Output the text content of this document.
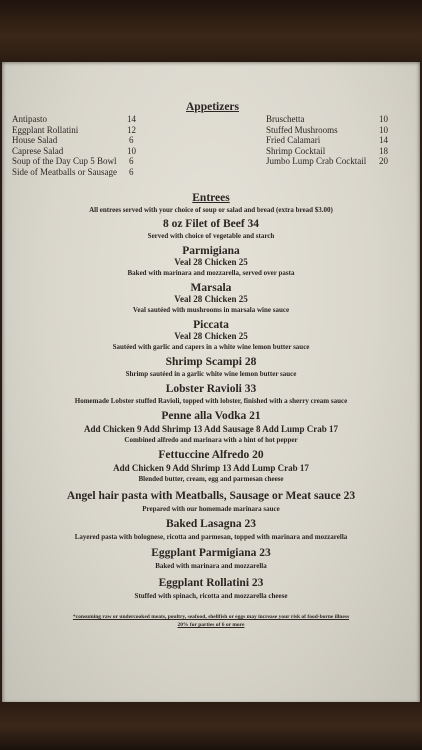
Appetizers
Antipasto	14
Eggplant Rollatini	12
House Salad	6
Caprese Salad	10
Soup of the Day Cup 5 Bowl 6
Side of Meatballs or Sausage 6
Bruschetta	10
Stuffed Mushrooms	10
Fried Calamari	14
Shrimp Cocktail	18
Jumbo Lump Crab Cocktail 20
Entrees
All entrees served with your choice of soup or salad and bread (extra bread $3.00)
8 oz Filet of Beef 34
Served with choice of vegetable and starch
Parmigiana
Veal 28 Chicken 25
Baked with marinara and mozzarella, served over pasta
Marsala
Veal 28 Chicken 25
Veal sautéed with mushrooms in marsala wine sauce
Piccata
Veal 28 Chicken 25
Sautéed with garlic and capers in a white wine lemon butter sauce
Shrimp Scampi 28
Shrimp sautéed in a garlic white wine lemon butter sauce
Lobster Ravioli 33
Homemade Lobster stuffed Ravioli, topped with lobster, finished with a sherry cream sauce
Penne alla Vodka 21
Add Chicken 9 Add Shrimp 13 Add Sausage 8 Add Lump Crab 17
Combined alfredo and marinara with a hint of hot pepper
Fettuccine Alfredo 20
Add Chicken 9 Add Shrimp 13 Add Lump Crab 17
Blended butter, cream, egg and parmesan cheese
Angel hair pasta with Meatballs, Sausage or Meat sauce 23
Prepared with our homemade marinara sauce
Baked Lasagna 23
Layered pasta with bolognese, ricotta and parmesan, topped with marinara and mozzarella
Eggplant Parmigiana 23
Baked with marinara and mozzarella
Eggplant Rollatini 23
Stuffed with spinach, ricotta and mozzarella cheese
*consuming raw or undercooked meats, poultry, seafood, shellfish or eggs may increase your risk of food-borne illness
20% for parties of 6 or more
